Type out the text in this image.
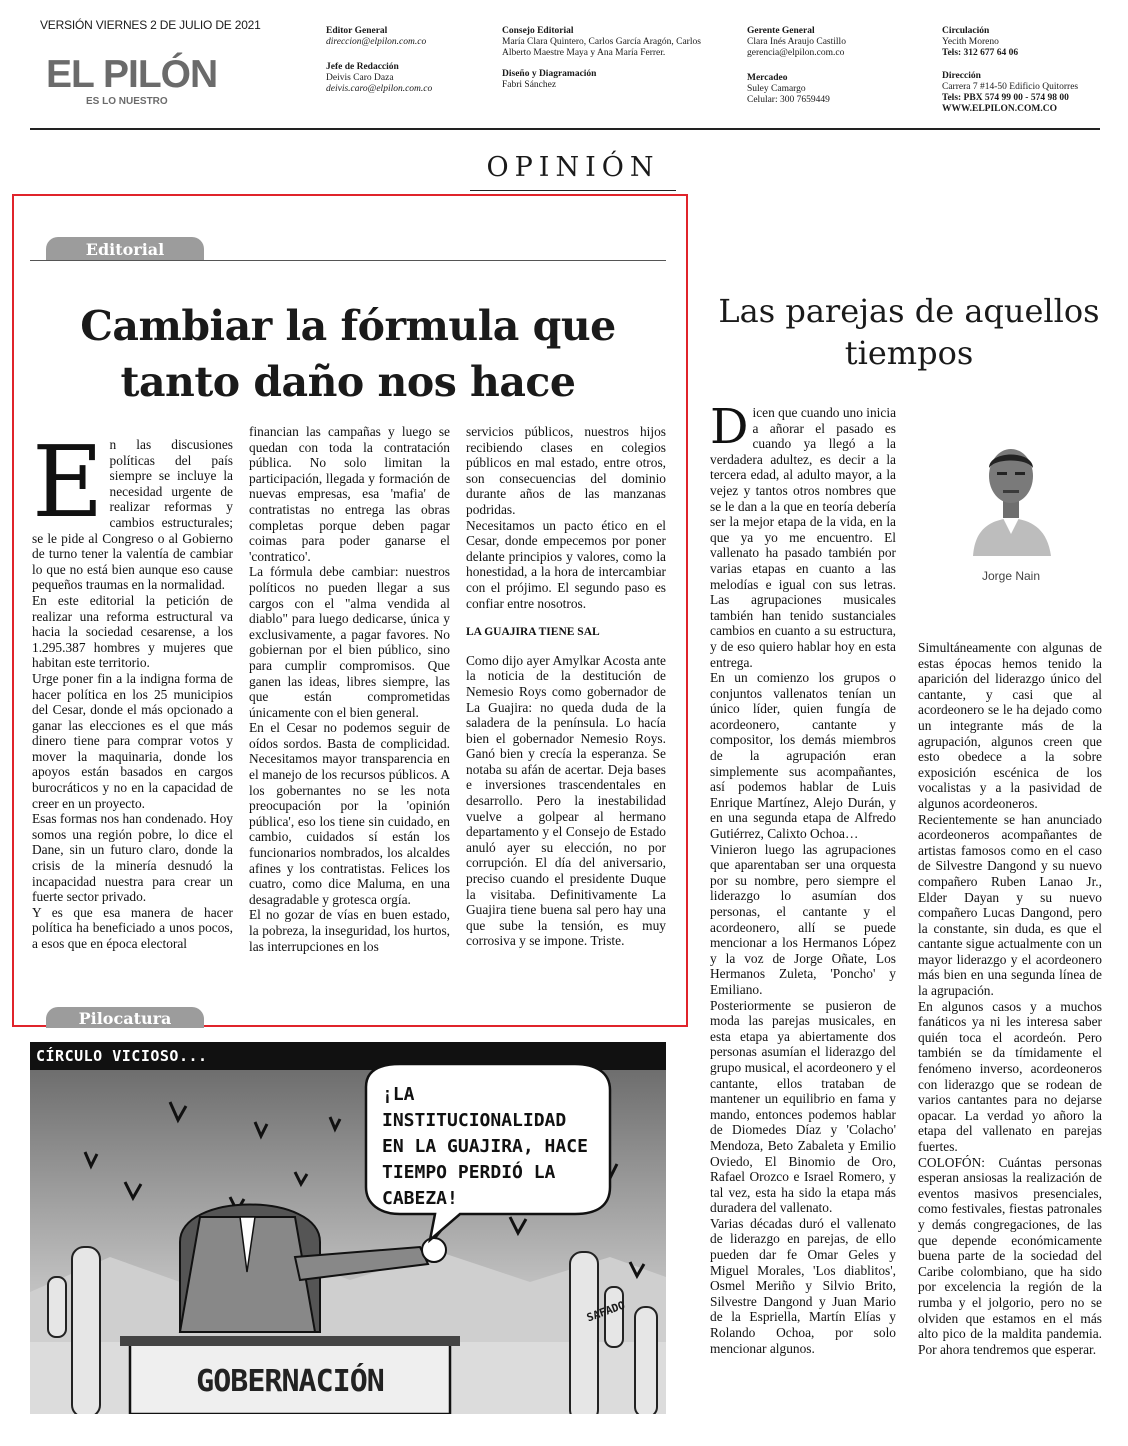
VERSIÓN VIERNES 2 DE JULIO DE 2021
EL PILÓN
ES LO NUESTRO
Editor General
direccion@elpilon.com.co
Jefe de Redacción
Deivis Caro Daza
deivis.caro@elpilon.com.co
Consejo Editorial
María Clara Quintero, Carlos García Aragón, Carlos Alberto Maestre Maya y Ana María Ferrer.
Diseño y Diagramación
Fabri Sánchez
Gerente General
Clara Inés Araujo Castillo
gerencia@elpilon.com.co
Mercadeo
Suley Camargo
Celular: 300 7659449
Circulación
Yecith Moreno
Tels: 312 677 64 06
Dirección
Carrera 7 #14-50 Edificio Quitorres
Tels: PBX 574 99 00 - 574 98 00
WWW.ELPILON.COM.CO
OPINIÓN
Editorial
Cambiar la fórmula que
tanto daño nos hace

En las discusiones políticas del país siempre se incluye la necesidad urgente de realizar reformas y cambios estructurales; se le pide al Congreso o al Gobierno de turno tener la valentía de cambiar lo que no está bien aunque eso cause pequeños traumas en la normalidad.

En este editorial la petición de realizar una reforma estructural va hacia la sociedad cesarense, a los 1.295.387 hombres y mujeres que habitan este territorio.

Urge poner fin a la indigna forma de hacer política en los 25 municipios del Cesar, donde el más opcionado a ganar las elecciones es el que más dinero tiene para comprar votos y mover la maquinaria, donde los apoyos están basados en cargos burocráticos y no en la capacidad de creer en un proyecto.

Esas formas nos han condenado. Hoy somos una región pobre, lo dice el Dane, sin un futuro claro, donde la crisis de la minería desnudó la incapacidad nuestra para crear un fuerte sector privado.

Y es que esa manera de hacer política ha beneficiado a unos pocos, a esos que en época electoral

financian las campañas y luego se quedan con toda la contratación pública. No solo limitan la participación, llegada y formación de nuevas empresas, esa 'mafia' de contratistas no entrega las obras completas porque deben pagar coimas para poder ganarse el 'contratico'.

La fórmula debe cambiar: nuestros políticos no pueden llegar a sus cargos con el "alma vendida al diablo" para luego dedicarse, única y exclusivamente, a pagar favores. No gobiernan por el bien público, sino para cumplir compromisos. Que ganen las ideas, libres siempre, las que están comprometidas únicamente con el bien general.

En el Cesar no podemos seguir de oídos sordos. Basta de complicidad. Necesitamos mayor transparencia en el manejo de los recursos públicos. A los gobernantes no se les nota preocupación por la 'opinión pública', eso los tiene sin cuidado, en cambio, cuidados sí están los funcionarios nombrados, los alcaldes afines y los contratistas. Felices los cuatro, como dice Maluma, en una desagradable y grotesca orgía.

El no gozar de vías en buen estado, la pobreza, la inseguridad, los hurtos, las interrupciones en los

servicios públicos, nuestros hijos recibiendo clases en colegios públicos en mal estado, entre otros, son consecuencias del dominio durante años de las manzanas podridas.

Necesitamos un pacto ético en el Cesar, donde empecemos por poner delante principios y valores, como la honestidad, a la hora de intercambiar con el prójimo. El segundo paso es confiar entre nosotros.

LA GUAJIRA TIENE SAL

Como dijo ayer Amylkar Acosta ante la noticia de la destitución de Nemesio Roys como gobernador de La Guajira: no queda duda de la saladera de la península. Lo hacía bien el gobernador Nemesio Roys. Ganó bien y crecía la esperanza. Se notaba su afán de acertar. Deja bases e inversiones trascendentales en desarrollo. Pero la inestabilidad vuelve a golpear al hermano departamento y el Consejo de Estado anuló ayer su elección, no por corrupción. El día del aniversario, preciso cuando el presidente Duque la visitaba. Definitivamente La Guajira tiene buena sal pero hay una que sube la tensión, es muy corrosiva y se impone. Triste.

Pilocatura
CÍRCULO VICIOSO...
¡LA INSTITUCIONALIDAD EN LA GUAJIRA, HACE TIEMPO PERDIÓ LA CABEZA!
GOBERNACIÓN
SAFADO
Las parejas de aquellos
tiempos
Jorge Nain

Dicen que cuando uno inicia a añorar el pasado es cuando ya llegó a la verdadera adultez, es decir a la tercera edad, al adulto mayor, a la vejez y tantos otros nombres que se le dan a la que en teoría debería ser la mejor etapa de la vida, en la que ya yo me encuentro. El vallenato ha pasado también por varias etapas en cuanto a las melodías e igual con sus letras. Las agrupaciones musicales también han tenido sustanciales cambios en cuanto a su estructura, y de eso quiero hablar hoy en esta entrega.

En un comienzo los grupos o conjuntos vallenatos tenían un único líder, quien fungía de acordeonero, cantante y compositor, los demás miembros de la agrupación eran simplemente sus acompañantes, así podemos hablar de Luis Enrique Martínez, Alejo Durán, y en una segunda etapa de Alfredo Gutiérrez, Calixto Ochoa…

Vinieron luego las agrupaciones que aparentaban ser una orquesta por su nombre, pero siempre el liderazgo lo asumían dos personas, el cantante y el acordeonero, allí se puede mencionar a los Hermanos López y la voz de Jorge Oñate, Los Hermanos Zuleta, 'Poncho' y Emiliano.

Posteriormente se pusieron de moda las parejas musicales, en esta etapa ya abiertamente dos personas asumían el liderazgo del grupo musical, el acordeonero y el cantante, ellos trataban de mantener un equilibrio en fama y mando, entonces podemos hablar de Diomedes Díaz y 'Colacho' Mendoza, Beto Zabaleta y Emilio Oviedo, El Binomio de Oro, Rafael Orozco e Israel Romero, y tal vez, esta ha sido la etapa más duradera del vallenato.

Varias décadas duró el vallenato de liderazgo en parejas, de ello pueden dar fe Omar Geles y Miguel Morales, 'Los diablitos', Osmel Meriño y Silvio Brito, Silvestre Dangond y Juan Mario de la Espriella, Martín Elías y Rolando Ochoa, por solo mencionar algunos.

Simultáneamente con algunas de estas épocas hemos tenido la aparición del liderazgo único del cantante, y casi que al acordeonero se le ha dejado como un integrante más de la agrupación, algunos creen que esto obedece a la sobre exposición escénica de los vocalistas y a la pasividad de algunos acordeoneros.

Recientemente se han anunciado acordeoneros acompañantes de artistas famosos como en el caso de Silvestre Dangond y su nuevo compañero Ruben Lanao Jr., Elder Dayan y su nuevo compañero Lucas Dangond, pero la constante, sin duda, es que el cantante sigue actualmente con un mayor liderazgo y el acordeonero más bien en una segunda línea de la agrupación.

En algunos casos y a muchos fanáticos ya ni les interesa saber quién toca el acordeón. Pero también se da tímidamente el fenómeno inverso, acordeoneros con liderazgo que se rodean de varios cantantes para no dejarse opacar. La verdad yo añoro la etapa del vallenato en parejas fuertes.

COLOFÓN: Cuántas personas esperan ansiosas la realización de eventos masivos presenciales, como festivales, fiestas patronales y demás congregaciones, de las que depende económicamente buena parte de la sociedad del Caribe colombiano, que ha sido por excelencia la región de la rumba y el jolgorio, pero no se olviden que estamos en el más alto pico de la maldita pandemia. Por ahora tendremos que esperar.
